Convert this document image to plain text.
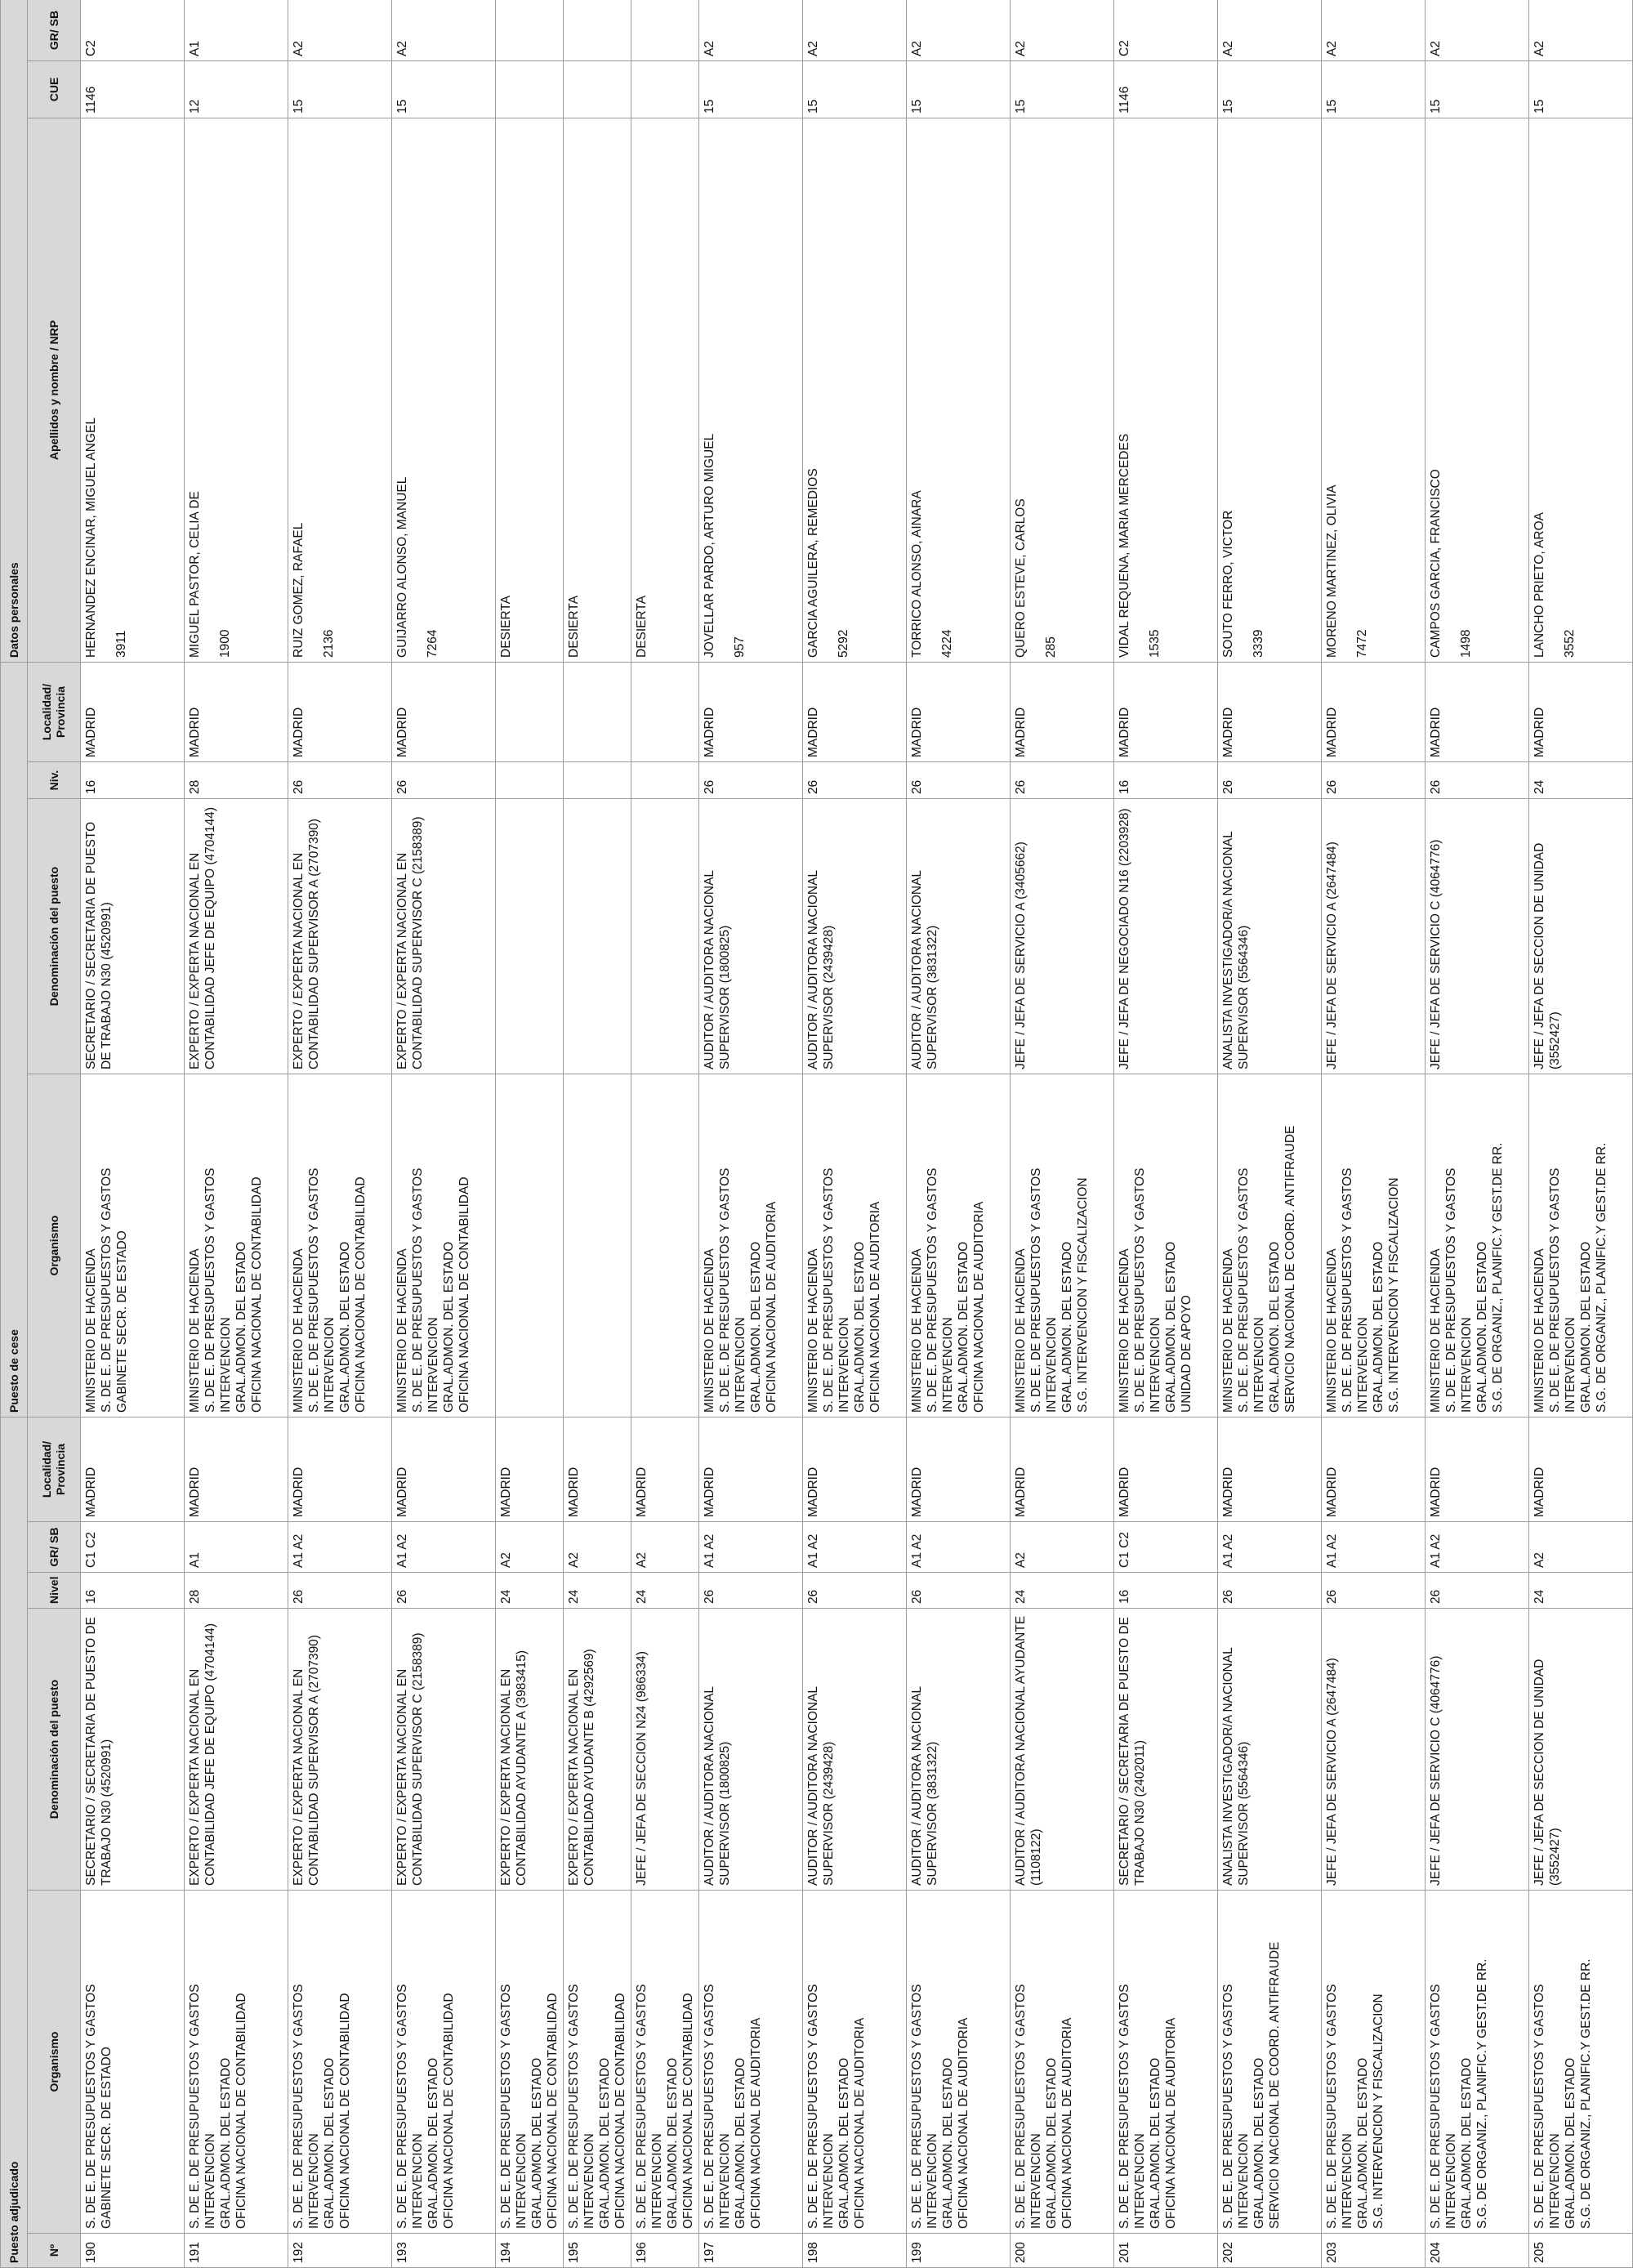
Puesto adjudicado						Puesto de cese				Datos personales		
Nº	Organismo	Denominación del puesto	Nivel	GR/ SB	Localidad/ Provincia	Organismo	Denominación del puesto	Niv.	Localidad/ Provincia	Apellidos y nombre / NRP	CUE	GR/ SB
190	S. DE E. DE PRESUPUESTOS Y GASTOS GABINETE SECR. DE ESTADO	SECRETARIO / SECRETARIA DE PUESTO DE TRABAJO N30 (4520991)	16	C1 C2	MADRID	MINISTERIO DE HACIENDA S. DE E. DE PRESUPUESTOS Y GASTOS GABINETE SECR. DE ESTADO	SECRETARIO / SECRETARIA DE PUESTO DE TRABAJO N30 (4520991)	16	MADRID	HERNANDEZ ENCINAR, MIGUEL ANGEL 3911	1146	C2
191	S. DE E. DE PRESUPUESTOS Y GASTOS INTERVENCION GRAL.ADMON. DEL ESTADO OFICINA NACIONAL DE CONTABILIDAD	EXPERTO / EXPERTA NACIONAL EN CONTABILIDAD JEFE DE EQUIPO (4704144)	28	A1	MADRID	MINISTERIO DE HACIENDA S. DE E. DE PRESUPUESTOS Y GASTOS INTERVENCION GRAL.ADMON. DEL ESTADO OFICINA NACIONAL DE CONTABILIDAD	EXPERTO / EXPERTA NACIONAL EN CONTABILIDAD JEFE DE EQUIPO (4704144)	28	MADRID	MIGUEL PASTOR, CELIA DE 1900	12	A1
192	S. DE E. DE PRESUPUESTOS Y GASTOS INTERVENCION GRAL.ADMON. DEL ESTADO OFICINA NACIONAL DE CONTABILIDAD	EXPERTO / EXPERTA NACIONAL EN CONTABILIDAD SUPERVISOR A (2707390)	26	A1 A2	MADRID	MINISTERIO DE HACIENDA S. DE E. DE PRESUPUESTOS Y GASTOS INTERVENCION GRAL.ADMON. DEL ESTADO OFICINA NACIONAL DE CONTABILIDAD	EXPERTO / EXPERTA NACIONAL EN CONTABILIDAD SUPERVISOR A (2707390)	26	MADRID	RUIZ GOMEZ, RAFAEL 2136	15	A2
193	S. DE E. DE PRESUPUESTOS Y GASTOS INTERVENCION GRAL.ADMON. DEL ESTADO OFICINA NACIONAL DE CONTABILIDAD	EXPERTO / EXPERTA NACIONAL EN CONTABILIDAD SUPERVISOR C (2158389)	26	A1 A2	MADRID	MINISTERIO DE HACIENDA S. DE E. DE PRESUPUESTOS Y GASTOS INTERVENCION GRAL.ADMON. DEL ESTADO OFICINA NACIONAL DE CONTABILIDAD	EXPERTO / EXPERTA NACIONAL EN CONTABILIDAD SUPERVISOR C (2158389)	26	MADRID	GUIJARRO ALONSO, MANUEL 7264	15	A2
194	S. DE E. DE PRESUPUESTOS Y GASTOS INTERVENCION GRAL.ADMON. DEL ESTADO OFICINA NACIONAL DE CONTABILIDAD	EXPERTO / EXPERTA NACIONAL EN CONTABILIDAD AYUDANTE A (3983415)	24	A2	MADRID					DESIERTA		

195	S. DE E. DE PRESUPUESTOS Y GASTOS INTERVENCION GRAL.ADMON. DEL ESTADO OFICINA NACIONAL DE CONTABILIDAD	EXPERTO / EXPERTA NACIONAL EN CONTABILIDAD AYUDANTE B (4292569)	24	A2	MADRID					DESIERTA		

196	S. DE E. DE PRESUPUESTOS Y GASTOS INTERVENCION GRAL.ADMON. DEL ESTADO OFICINA NACIONAL DE CONTABILIDAD	JEFE / JEFA DE SECCION N24 (986334)	24	A2	MADRID					DESIERTA		

197	S. DE E. DE PRESUPUESTOS Y GASTOS INTERVENCION GRAL.ADMON. DEL ESTADO OFICINA NACIONAL DE AUDITORIA	AUDITOR / AUDITORA NACIONAL SUPERVISOR (1800825)	26	A1 A2	MADRID	MINISTERIO DE HACIENDA S. DE E. DE PRESUPUESTOS Y GASTOS INTERVENCION GRAL.ADMON. DEL ESTADO OFICINA NACIONAL DE AUDITORIA	AUDITOR / AUDITORA NACIONAL SUPERVISOR (1800825)	26	MADRID	JOVELLAR PARDO, ARTURO MIGUEL 957	15	A2
198	S. DE E. DE PRESUPUESTOS Y GASTOS INTERVENCION GRAL.ADMON. DEL ESTADO OFICINA NACIONAL DE AUDITORIA	AUDITOR / AUDITORA NACIONAL SUPERVISOR (2439428)	26	A1 A2	MADRID	MINISTERIO DE HACIENDA S. DE E. DE PRESUPUESTOS Y GASTOS INTERVENCION GRAL.ADMON. DEL ESTADO OFICINA NACIONAL DE AUDITORIA	AUDITOR / AUDITORA NACIONAL SUPERVISOR (2439428)	26	MADRID	GARCIA AGUILERA, REMEDIOS 5292	15	A2
199	S. DE E. DE PRESUPUESTOS Y GASTOS INTERVENCION GRAL.ADMON. DEL ESTADO OFICINA NACIONAL DE AUDITORIA	AUDITOR / AUDITORA NACIONAL SUPERVISOR (3831322)	26	A1 A2	MADRID	MINISTERIO DE HACIENDA S. DE E. DE PRESUPUESTOS Y GASTOS INTERVENCION GRAL.ADMON. DEL ESTADO OFICINA NACIONAL DE AUDITORIA	AUDITOR / AUDITORA NACIONAL SUPERVISOR (3831322)	26	MADRID	TORRICO ALONSO, AINARA 4224	15	A2
200	S. DE E. DE PRESUPUESTOS Y GASTOS INTERVENCION GRAL.ADMON. DEL ESTADO OFICINA NACIONAL DE AUDITORIA	AUDITOR / AUDITORA NACIONAL AYUDANTE (1108122)	24	A2	MADRID	MINISTERIO DE HACIENDA S. DE E. DE PRESUPUESTOS Y GASTOS INTERVENCION GRAL.ADMON. DEL ESTADO S.G. INTERVENCION Y FISCALIZACION	JEFE / JEFA DE SERVICIO A (3405662)	26	MADRID	QUERO ESTEVE, CARLOS 285	15	A2
201	S. DE E. DE PRESUPUESTOS Y GASTOS INTERVENCION GRAL.ADMON. DEL ESTADO OFICINA NACIONAL DE AUDITORIA	SECRETARIO / SECRETARIA DE PUESTO DE TRABAJO N30 (2402011)	16	C1 C2	MADRID	MINISTERIO DE HACIENDA S. DE E. DE PRESUPUESTOS Y GASTOS INTERVENCION GRAL.ADMON. DEL ESTADO UNIDAD DE APOYO	JEFE / JEFA DE NEGOCIADO N16 (2203928)	16	MADRID	VIDAL REQUENA, MARIA MERCEDES 1535	1146	C2
202	S. DE E. DE PRESUPUESTOS Y GASTOS INTERVENCION GRAL.ADMON. DEL ESTADO SERVICIO NACIONAL DE COORD. ANTIFRAUDE	ANALISTA INVESTIGADOR/A NACIONAL SUPERVISOR (5564346)	26	A1 A2	MADRID	MINISTERIO DE HACIENDA S. DE E. DE PRESUPUESTOS Y GASTOS INTERVENCION GRAL.ADMON. DEL ESTADO SERVICIO NACIONAL DE COORD. ANTIFRAUDE	ANALISTA INVESTIGADOR/A NACIONAL SUPERVISOR (5564346)	26	MADRID	SOUTO FERRO, VICTOR 3339	15	A2
203	S. DE E. DE PRESUPUESTOS Y GASTOS INTERVENCION GRAL.ADMON. DEL ESTADO S.G. INTERVENCION Y FISCALIZACION	JEFE / JEFA DE SERVICIO A (2647484)	26	A1 A2	MADRID	MINISTERIO DE HACIENDA S. DE E. DE PRESUPUESTOS Y GASTOS INTERVENCION GRAL.ADMON. DEL ESTADO S.G. INTERVENCION Y FISCALIZACION	JEFE / JEFA DE SERVICIO A (2647484)	26	MADRID	MORENO MARTINEZ, OLIVIA 7472	15	A2
204	S. DE E. DE PRESUPUESTOS Y GASTOS INTERVENCION GRAL.ADMON. DEL ESTADO S.G. DE ORGANIZ., PLANIFIC.Y GEST.DE RR.	JEFE / JEFA DE SERVICIO C (4064776)	26	A1 A2	MADRID	MINISTERIO DE HACIENDA S. DE E. DE PRESUPUESTOS Y GASTOS INTERVENCION GRAL.ADMON. DEL ESTADO S.G. DE ORGANIZ., PLANIFIC.Y GEST.DE RR.	JEFE / JEFA DE SERVICIO C (4064776)	26	MADRID	CAMPOS GARCIA, FRANCISCO 1498	15	A2
205	S. DE E. DE PRESUPUESTOS Y GASTOS INTERVENCION GRAL.ADMON. DEL ESTADO S.G. DE ORGANIZ., PLANIFIC.Y GEST.DE RR.	JEFE / JEFA DE SECCION DE UNIDAD (3552427)	24	A2	MADRID	MINISTERIO DE HACIENDA S. DE E. DE PRESUPUESTOS Y GASTOS INTERVENCION GRAL.ADMON. DEL ESTADO S.G. DE ORGANIZ., PLANIFIC.Y GEST.DE RR.	JEFE / JEFA DE SECCION DE UNIDAD (3552427)	24	MADRID	LANCHO PRIETO, AROA 3552	15	A2
